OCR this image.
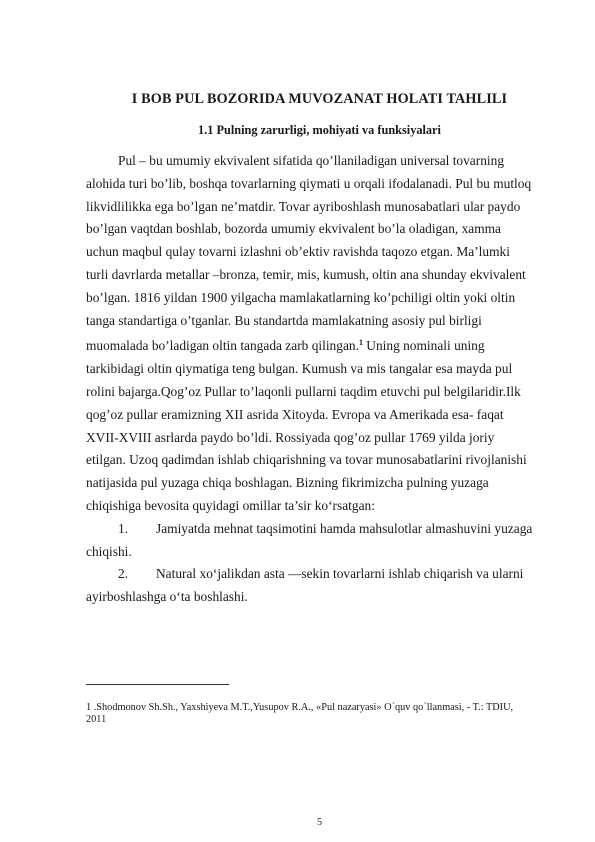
I BOB PUL BOZORIDA MUVOZANAT HOLATI TAHLILI
1.1 Pulning zarurligi, mohiyati va funksiyalari
Pul – bu umumiy ekvivalent sifatida qo’llaniladigan universal tovarning
alohida turi bo’lib, boshqa tovarlarning qiymati u orqali ifodalanadi. Pul bu mutloq
likvidlilikka ega bo’lgan ne’matdir. Tovar ayriboshlash munosabatlari ular paydo
bo’lgan vaqtdan boshlab, bozorda umumiy ekvivalent bo’la oladigan, xamma
uchun maqbul qulay tovarni izlashni ob’ektiv ravishda taqozo etgan. Ma’lumki
turli davrlarda metallar –bronza, temir, mis, kumush, oltin ana shunday ekvivalent
bo’lgan. 1816 yildan 1900 yilgacha mamlakatlarning ko’pchiligi oltin yoki oltin
tanga standartiga o’tganlar. Bu standartda mamlakatning asosiy pul birligi
muomalada bo’ladigan oltin tangada zarb qilingan.$^1$ Uning nominali uning
tarkibidagi oltin qiymatiga teng bulgan. Kumush va mis tangalar esa mayda pul
rolini bajarga.Qog’oz Pullar to’laqonli pullarni taqdim etuvchi pul belgilaridir.Ilk
qog’oz pullar eramizning XII asrida Xitoyda. Evropa va Amerikada esa- faqat
XVII-XVIII asrlarda paydo bo’ldi. Rossiyada qog’oz pullar 1769 yilda joriy
etilgan. Uzoq qadimdan ishlab chiqarishning va tovar munosabatlarini rivojlanishi
natijasida pul yuzaga chiqa boshlagan. Bizning fikrimizcha pulning yuzaga
chiqishiga bevosita quyidagi omillar ta’sir ko‘rsatgan:
1. Jamiyatda mehnat taqsimotini hamda mahsulotlar almashuvini yuzaga
chiqishi.
2. Natural xo‘jalikdan asta —sekin tovarlarni ishlab chiqarish va ularni
ayirboshlashga o‘ta boshlashi.
1 .Shodmonov Sh.Sh., Yaxshiyeva M.T.,Yusupov R.A., «Pul nazaryasi» O`quv qo`llanmasi, - T.: TDIU,
2011
5
